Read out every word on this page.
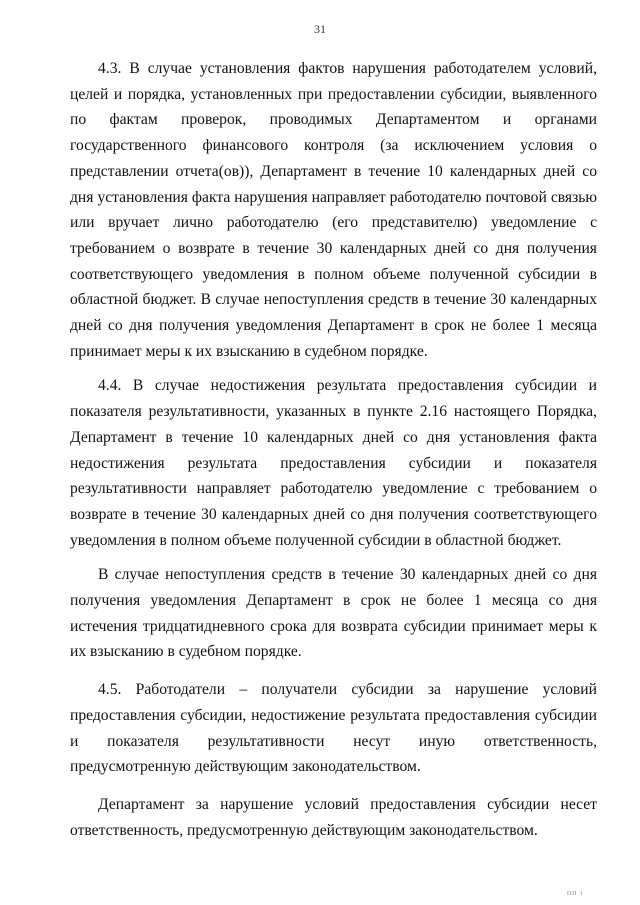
31

4.3. В случае установления фактов нарушения работодателем условий, целей и порядка, установленных при предоставлении субсидии, выявленного по фактам проверок, проводимых Департаментом и органами государственного финансового контроля (за исключением условия о представлении отчета(ов)), Департамент в течение 10 календарных дней со дня установления факта нарушения направляет работодателю почтовой связью или вручает лично работодателю (его представителю) уведомление с требованием о возврате в течение 30 календарных дней со дня получения соответствующего уведомления в полном объеме полученной субсидии в областной бюджет. В случае непоступления средств в течение 30 календарных дней со дня получения уведомления Департамент в срок не более 1 месяца принимает меры к их взысканию в судебном порядке.

4.4. В случае недостижения результата предоставления субсидии и показателя результативности, указанных в пункте 2.16 настоящего Порядка, Департамент в течение 10 календарных дней со дня установления факта недостижения результата предоставления субсидии и показателя результативности направляет работодателю уведомление с требованием о возврате в течение 30 календарных дней со дня получения соответствующего уведомления в полном объеме полученной субсидии в областной бюджет.

В случае непоступления средств в течение 30 календарных дней со дня получения уведомления Департамент в срок не более 1 месяца со дня истечения тридцатидневного срока для возврата субсидии принимает меры к их взысканию в судебном порядке.

4.5. Работодатели – получатели субсидии за нарушение условий предоставления субсидии, недостижение результата предоставления субсидии и показателя результативности несут иную ответственность, предусмотренную действующим законодательством.

Департамент за нарушение условий предоставления субсидии несет ответственность, предусмотренную действующим законодательством.

ПП 1
